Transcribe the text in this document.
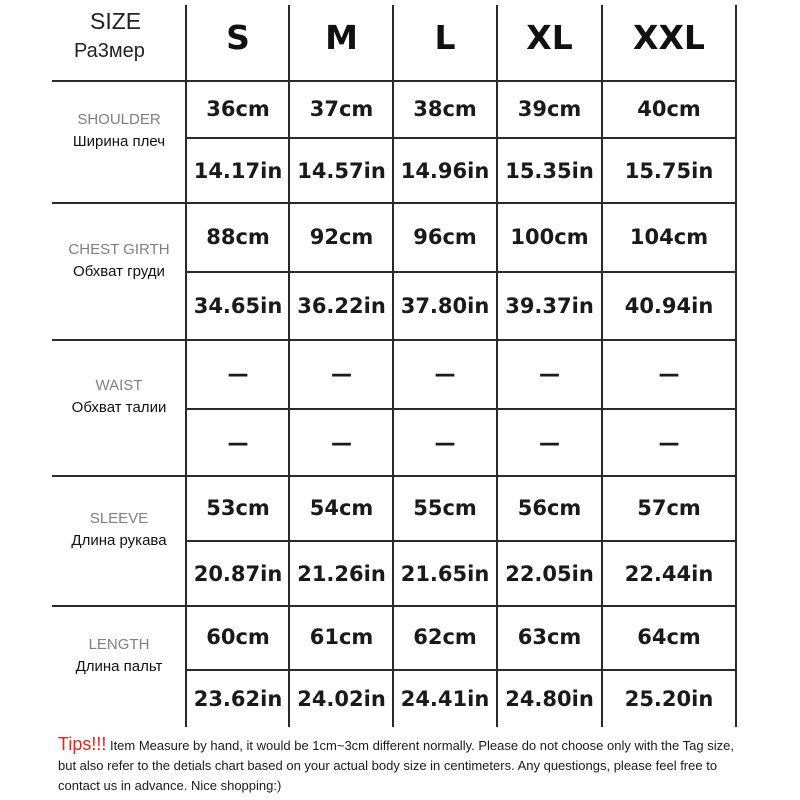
SIZE
Ра3мер	S	M	L	XL	XXL
SHOULDER
Ширина плеч
36cm	37cm	38cm	39cm	40cm
14.17in 14.57in 14.96in 15.35in	15.75in
CHEST GIRTH
Обхват груди
88cm	92cm	96cm	100cm	104cm
34.65in 36.22in 37.80in 39.37in	40.94in
WAIST
Обхват талии
—	—	—	—	—
—	—	—	—	—
SLEEVE
Длина рукава
53cm	54cm	55cm	56cm	57cm
20.87in 21.26in 21.65in 22.05in	22.44in
LENGTH
Длина пальт
60cm	61cm	62cm	63cm	64cm
23.62in 24.02in 24.41in 24.80in	25.20in
Tips!!! Item Measure by hand, it would be 1cm~3cm different normally. Please do not choose only with the Tag size, but also refer to the detials chart based on your actual body size in centimeters. Any questiongs, please feel free to contact us in advance. Nice shopping:)
